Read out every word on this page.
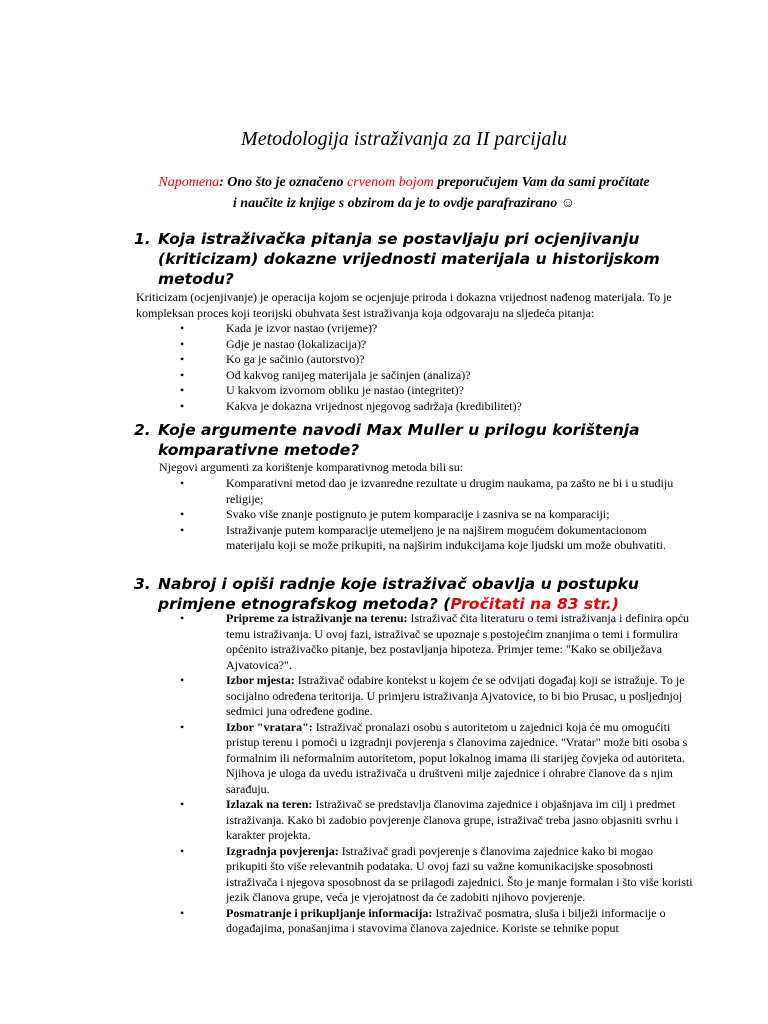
Metodologija istraživanja za II parcijalu
Napomena: Ono što je označeno crvenom bojom preporučujem Vam da sami pročitate
i naučite iz knjige s obzirom da je to ovdje parafrazirano ☺
1. Koja istraživačka pitanja se postavljaju pri ocjenjivanju (kriticizam) dokazne vrijednosti materijala u historijskom metodu?
Kriticizam (ocjenjivanje) je operacija kojom se ocjenjuje priroda i dokazna vrijednost nađenog materijala. To je kompleksan proces koji teorijski obuhvata šest istraživanja koja odgovaraju na sljedeća pitanja:
•	Kada je izvor nastao (vrijeme)?
•	Gdje je nastao (lokalizacija)?
•	Ko ga je sačinio (autorstvo)?
•	Od kakvog ranijeg materijala je sačinjen (analiza)?
•	U kakvom izvornom obliku je nastao (integritet)?
•	Kakva je dokazna vrijednost njegovog sadržaja (kredibilitet)?
2. Koje argumente navodi Max Muller u prilogu korištenja komparativne metode?
Njegovi argumenti za korištenje komparativnog metoda bili su:
•	Komparativni metod dao je izvanredne rezultate u drugim naukama, pa zašto ne bi i u studiju religije;
•	Svako više znanje postignuto je putem komparacije i zasniva se na komparaciji;
•	Istraživanje putem komparacije utemeljeno je na najširem mogućem dokumentacionom materijalu koji se može prikupiti, na najširim indukcijama koje ljudski um može obuhvatiti.
3. Nabroj i opiši radnje koje istraživač obavlja u postupku primjene etnografskog metoda? (Pročitati na 83 str.)
•	Pripreme za istraživanje na terenu: Istraživač čita literaturu o temi istraživanja i definira opću temu istraživanja. U ovoj fazi, istraživač se upoznaje s postojećim znanjima o temi i formulira općenito istraživačko pitanje, bez postavljanja hipoteza. Primjer teme: "Kako se obilježava Ajvatovica?".
•	Izbor mjesta: Istraživač odabire kontekst u kojem će se odvijati događaj koji se istražuje. To je socijalno određena teritorija. U primjeru istraživanja Ajvatovice, to bi bio Prusac, u posljednjoj sedmici juna određene godine.
•	Izbor "vratara": Istraživač pronalazi osobu s autoritetom u zajednici koja će mu omogućiti pristup terenu i pomoći u izgradnji povjerenja s članovima zajednice. "Vratar" može biti osoba s formalnim ili neformalnim autoritetom, poput lokalnog imama ili starijeg čovjeka od autoriteta. Njihova je uloga da uvedu istraživača u društveni milje zajednice i ohrabre članove da s njim sarađuju.
•	Izlazak na teren: Istraživač se predstavlja članovima zajednice i objašnjava im cilj i predmet istraživanja. Kako bi zadobio povjerenje članova grupe, istraživač treba jasno objasniti svrhu i karakter projekta.
•	Izgradnja povjerenja: Istraživač gradi povjerenje s članovima zajednice kako bi mogao prikupiti što više relevantnih podataka. U ovoj fazi su važne komunikacijske sposobnosti istraživača i njegova sposobnost da se prilagodi zajednici. Što je manje formalan i što više koristi jezik članova grupe, veća je vjerojatnost da će zadobiti njihovo povjerenje.
•	Posmatranje i prikupljanje informacija: Istraživač posmatra, sluša i bilježi informacije o događajima, ponašanjima i stavovima članova zajednice. Koriste se tehnike poput
